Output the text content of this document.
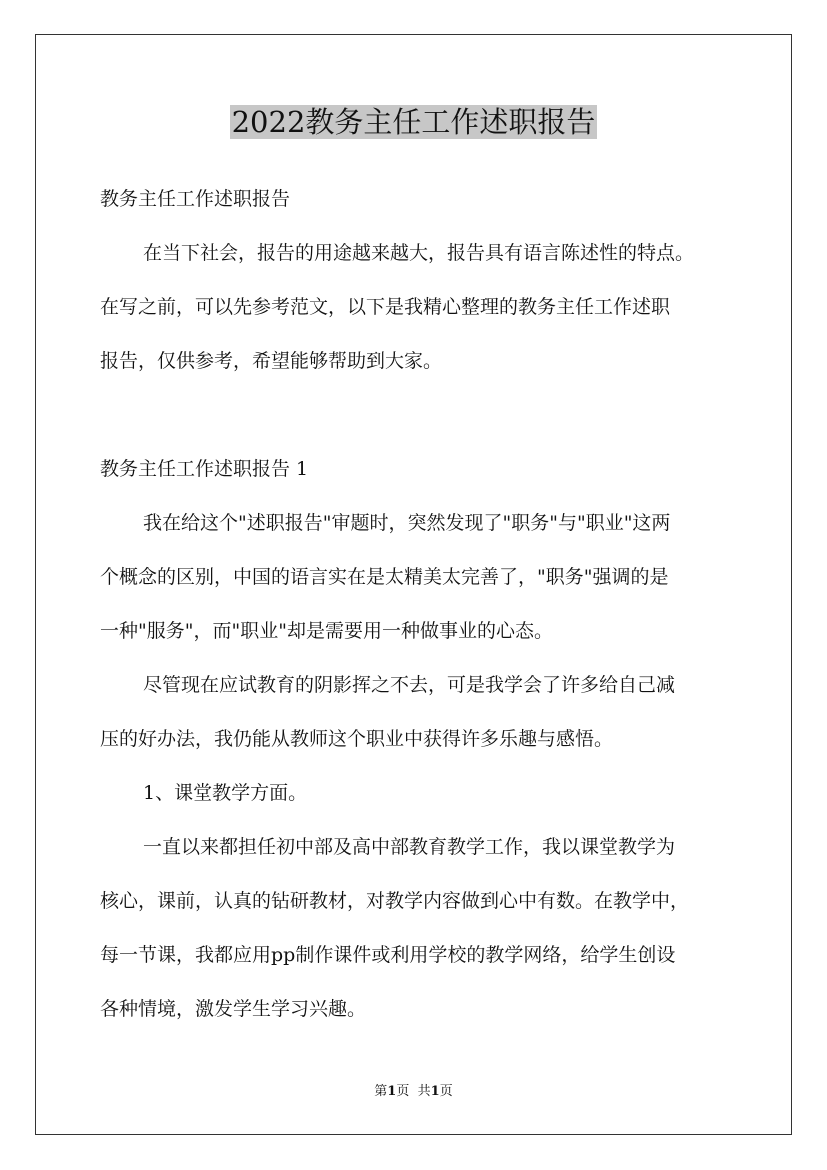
2022教务主任工作述职报告

教务主任工作述职报告

在当下社会，报告的用途越来越大，报告具有语言陈述性的特点。

在写之前，可以先参考范文，以下是我精心整理的教务主任工作述职

报告，仅供参考，希望能够帮助到大家。

教务主任工作述职报告 1

我在给这个"述职报告"审题时，突然发现了"职务"与"职业"这两

个概念的区别，中国的语言实在是太精美太完善了，"职务"强调的是

一种"服务"，而"职业"却是需要用一种做事业的心态。

尽管现在应试教育的阴影挥之不去，可是我学会了许多给自己减

压的好办法，我仍能从教师这个职业中获得许多乐趣与感悟。

1、课堂教学方面。

一直以来都担任初中部及高中部教育教学工作，我以课堂教学为

核心，课前，认真的钻研教材，对教学内容做到心中有数。在教学中，

每一节课，我都应用pp制作课件或利用学校的教学网络，给学生创设

各种情境，激发学生学习兴趣。

第1页 共1页
